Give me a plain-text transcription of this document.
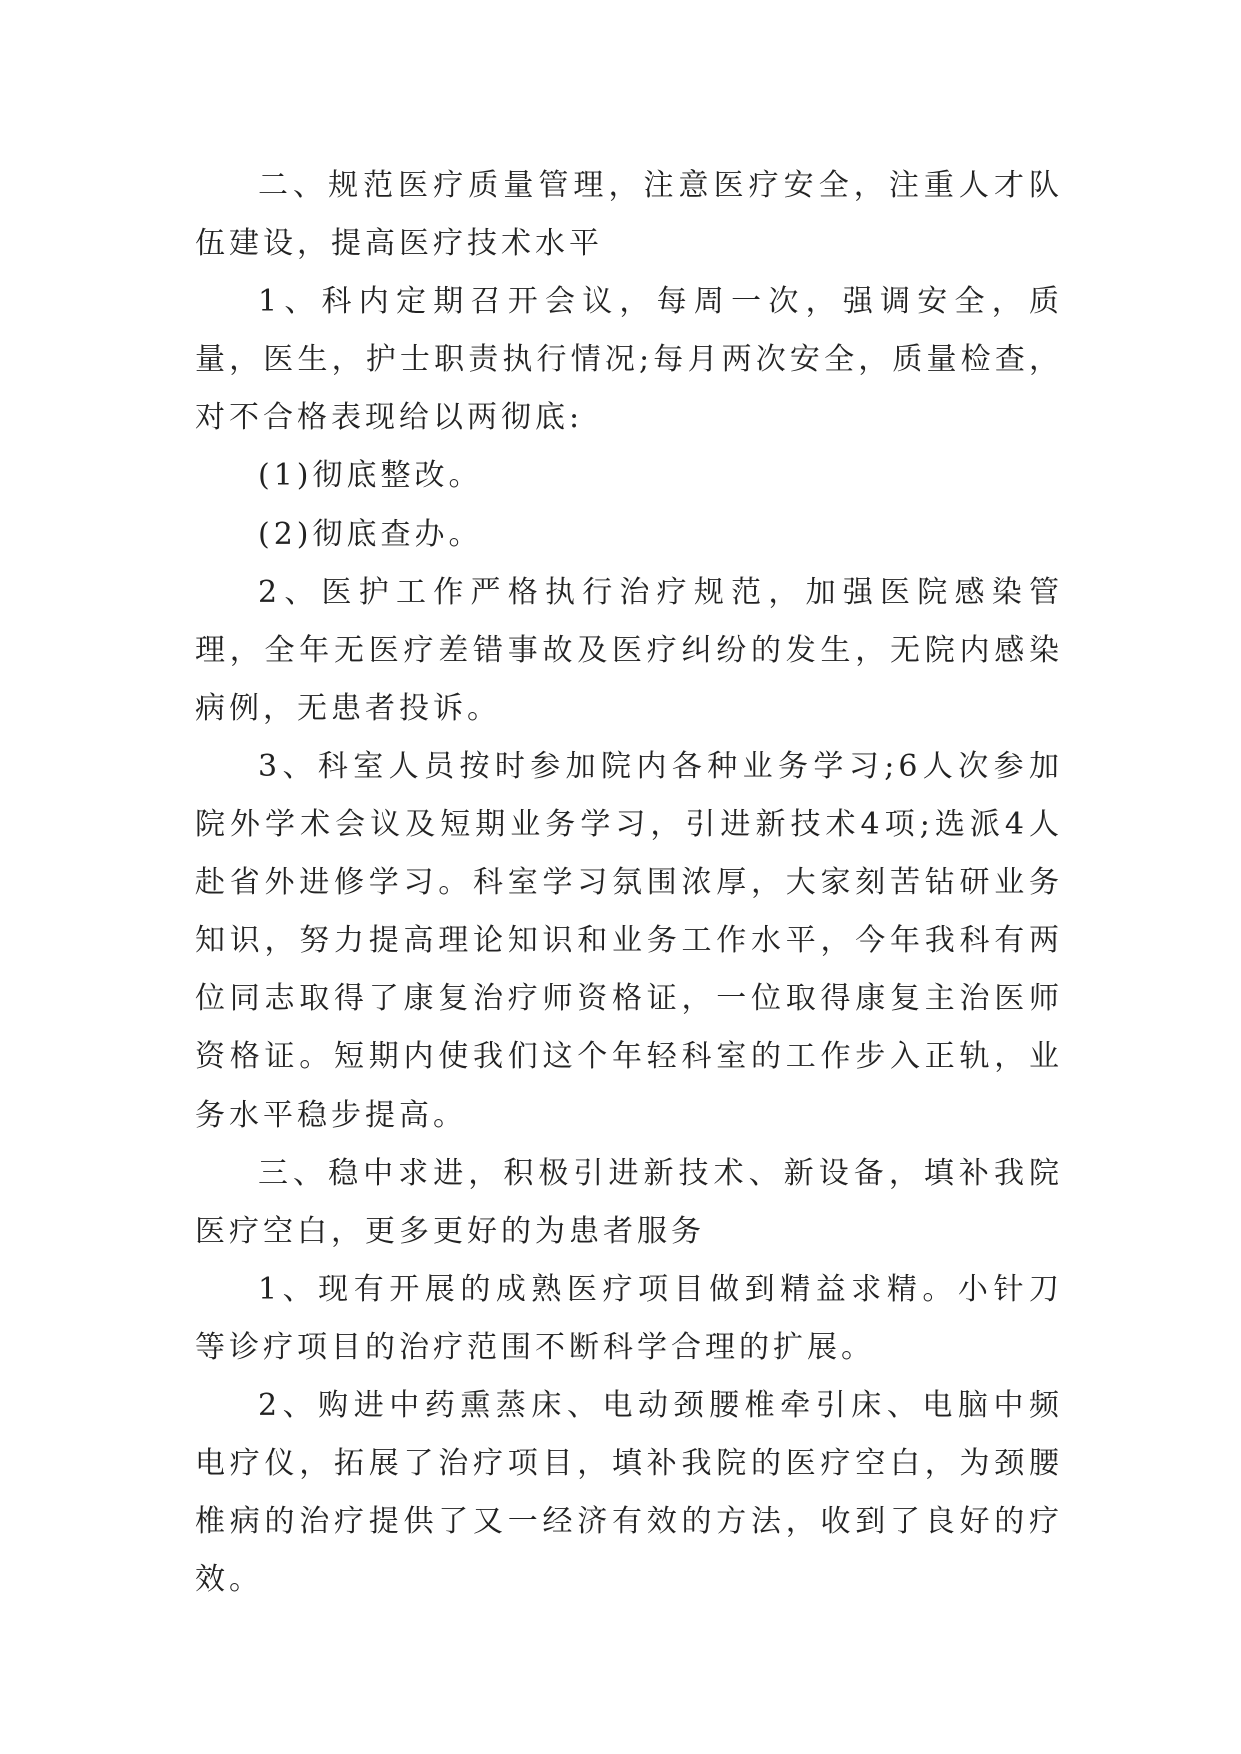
二、规范医疗质量管理，注意医疗安全，注重人才队伍建设，提高医疗技术水平

1、科内定期召开会议，每周一次，强调安全，质量，医生，护士职责执行情况;每月两次安全，质量检查，对不合格表现给以两彻底:

(1)彻底整改。

(2)彻底查办。

2、医护工作严格执行治疗规范，加强医院感染管理，全年无医疗差错事故及医疗纠纷的发生，无院内感染病例，无患者投诉。

3、科室人员按时参加院内各种业务学习;6人次参加院外学术会议及短期业务学习，引进新技术4项;选派4人赴省外进修学习。科室学习氛围浓厚，大家刻苦钻研业务知识，努力提高理论知识和业务工作水平，今年我科有两位同志取得了康复治疗师资格证，一位取得康复主治医师资格证。短期内使我们这个年轻科室的工作步入正轨，业务水平稳步提高。

三、稳中求进，积极引进新技术、新设备，填补我院医疗空白，更多更好的为患者服务

1、现有开展的成熟医疗项目做到精益求精。小针刀等诊疗项目的治疗范围不断科学合理的扩展。

2、购进中药熏蒸床、电动颈腰椎牵引床、电脑中频电疗仪，拓展了治疗项目，填补我院的医疗空白，为颈腰椎病的治疗提供了又一经济有效的方法，收到了良好的疗效。
